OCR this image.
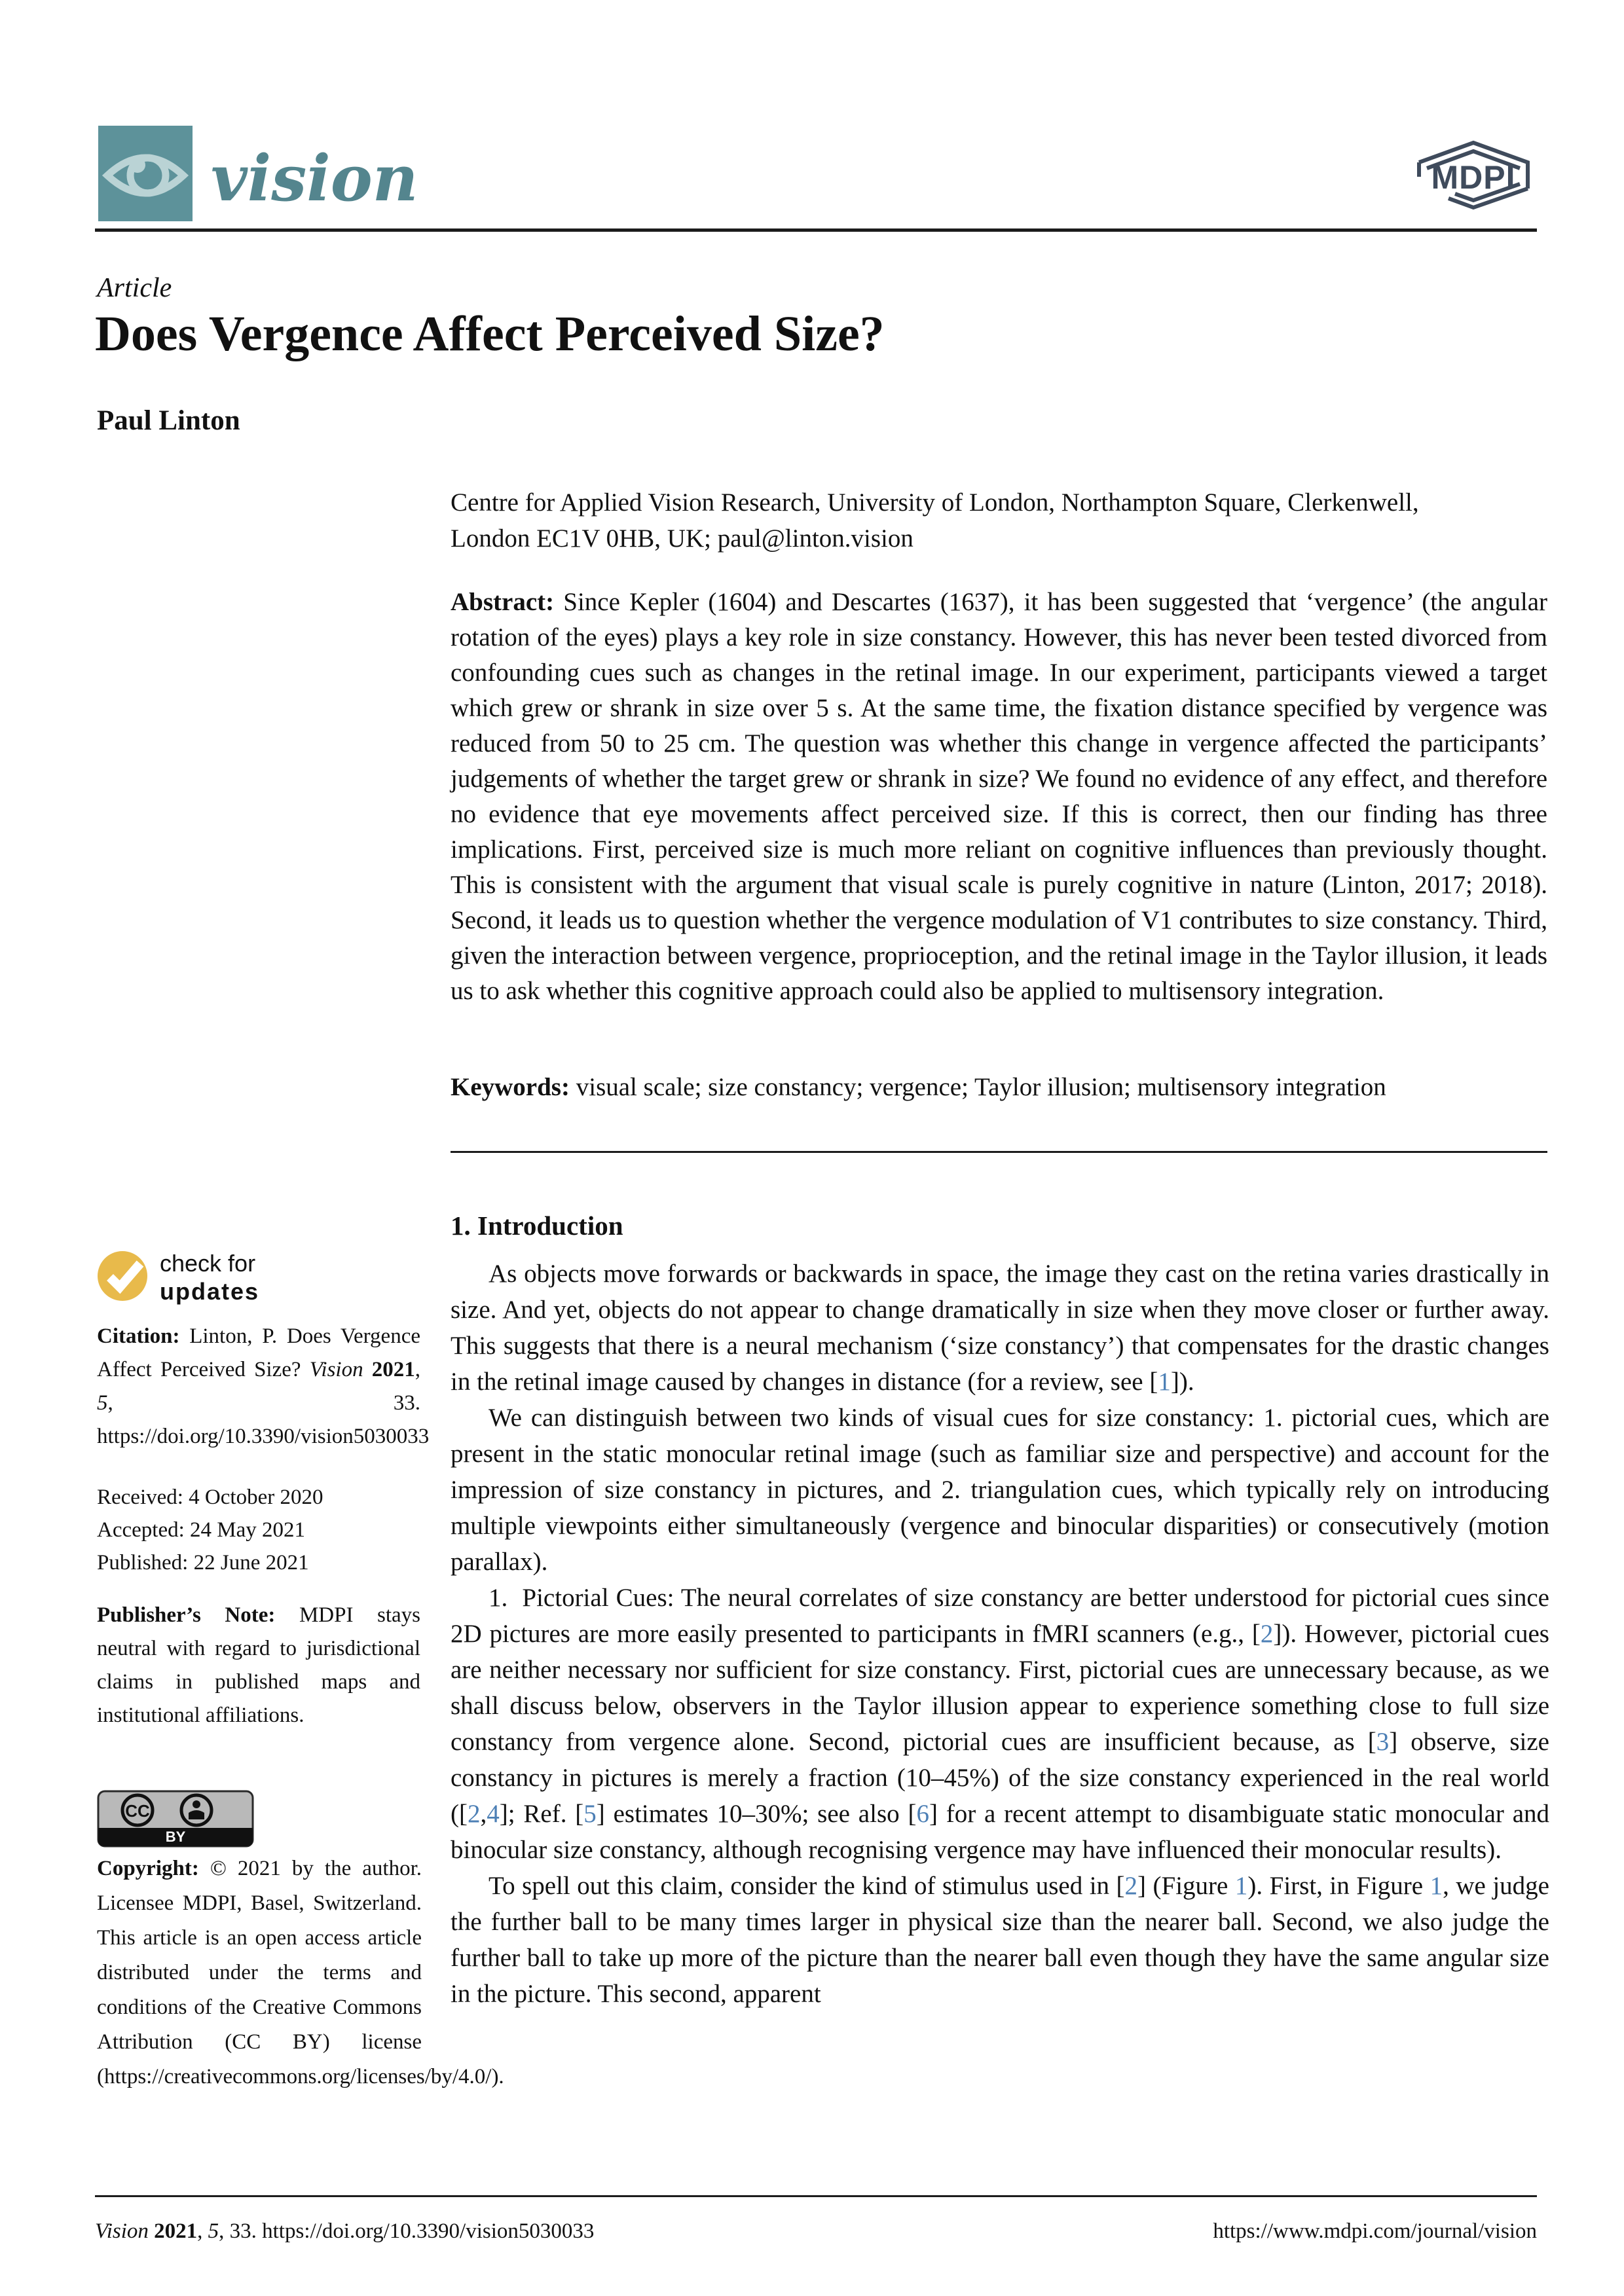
vision	MDPI
Article
Does Vergence Affect Perceived Size?
Paul Linton
Centre for Applied Vision Research, University of London, Northampton Square, Clerkenwell,
London EC1V 0HB, UK; paul@linton.vision
Abstract: Since Kepler (1604) and Descartes (1637), it has been suggested that ‘vergence’ (the angular rotation of the eyes) plays a key role in size constancy. However, this has never been tested divorced from confounding cues such as changes in the retinal image. In our experiment, participants viewed a target which grew or shrank in size over 5 s. At the same time, the fixation distance specified by vergence was reduced from 50 to 25 cm. The question was whether this change in vergence affected the participants’ judgements of whether the target grew or shrank in size? We found no evidence of any effect, and therefore no evidence that eye movements affect perceived size. If this is correct, then our finding has three implications. First, perceived size is much more reliant on cognitive influences than previously thought. This is consistent with the argument that visual scale is purely cognitive in nature (Linton, 2017; 2018). Second, it leads us to question whether the vergence modulation of V1 contributes to size constancy. Third, given the interaction between vergence, proprioception, and the retinal image in the Taylor illusion, it leads us to ask whether this cognitive approach could also be applied to multisensory integration.
Keywords: visual scale; size constancy; vergence; Taylor illusion; multisensory integration
check for
updates
Citation: Linton, P. Does Vergence Affect Perceived Size? Vision 2021, 5, 33. https://doi.org/10.3390/vision5030033
Received: 4 October 2020
Accepted: 24 May 2021
Published: 22 June 2021
Publisher’s Note: MDPI stays neutral with regard to jurisdictional claims in published maps and institutional affiliations.
CC
BY
Copyright: © 2021 by the author. Licensee MDPI, Basel, Switzerland. This article is an open access article distributed under the terms and conditions of the Creative Commons Attribution (CC BY) license (https://creativecommons.org/licenses/by/4.0/).
1. Introduction
As objects move forwards or backwards in space, the image they cast on the retina varies drastically in size. And yet, objects do not appear to change dramatically in size when they move closer or further away. This suggests that there is a neural mechanism (‘size constancy’) that compensates for the drastic changes in the retinal image caused by changes in distance (for a review, see [1]).
We can distinguish between two kinds of visual cues for size constancy: 1. pictorial cues, which are present in the static monocular retinal image (such as familiar size and perspective) and account for the impression of size constancy in pictures, and 2. triangulation cues, which typically rely on introducing multiple viewpoints either simultaneously (vergence and binocular disparities) or consecutively (motion parallax).
1.  Pictorial Cues: The neural correlates of size constancy are better understood for pictorial cues since 2D pictures are more easily presented to participants in fMRI scanners (e.g., [2]). However, pictorial cues are neither necessary nor sufficient for size constancy. First, pictorial cues are unnecessary because, as we shall discuss below, observers in the Taylor illusion appear to experience something close to full size constancy from vergence alone. Second, pictorial cues are insufficient because, as [3] observe, size constancy in pictures is merely a fraction (10–45%) of the size constancy experienced in the real world ([2,4]; Ref. [5] estimates 10–30%; see also [6] for a recent attempt to disambiguate static monocular and binocular size constancy, although recognising vergence may have influenced their monocular results).
To spell out this claim, consider the kind of stimulus used in [2] (Figure 1). First, in Figure 1, we judge the further ball to be many times larger in physical size than the nearer ball. Second, we also judge the further ball to take up more of the picture than the nearer ball even though they have the same angular size in the picture. This second, apparent
Vision 2021, 5, 33. https://doi.org/10.3390/vision5030033	https://www.mdpi.com/journal/vision
